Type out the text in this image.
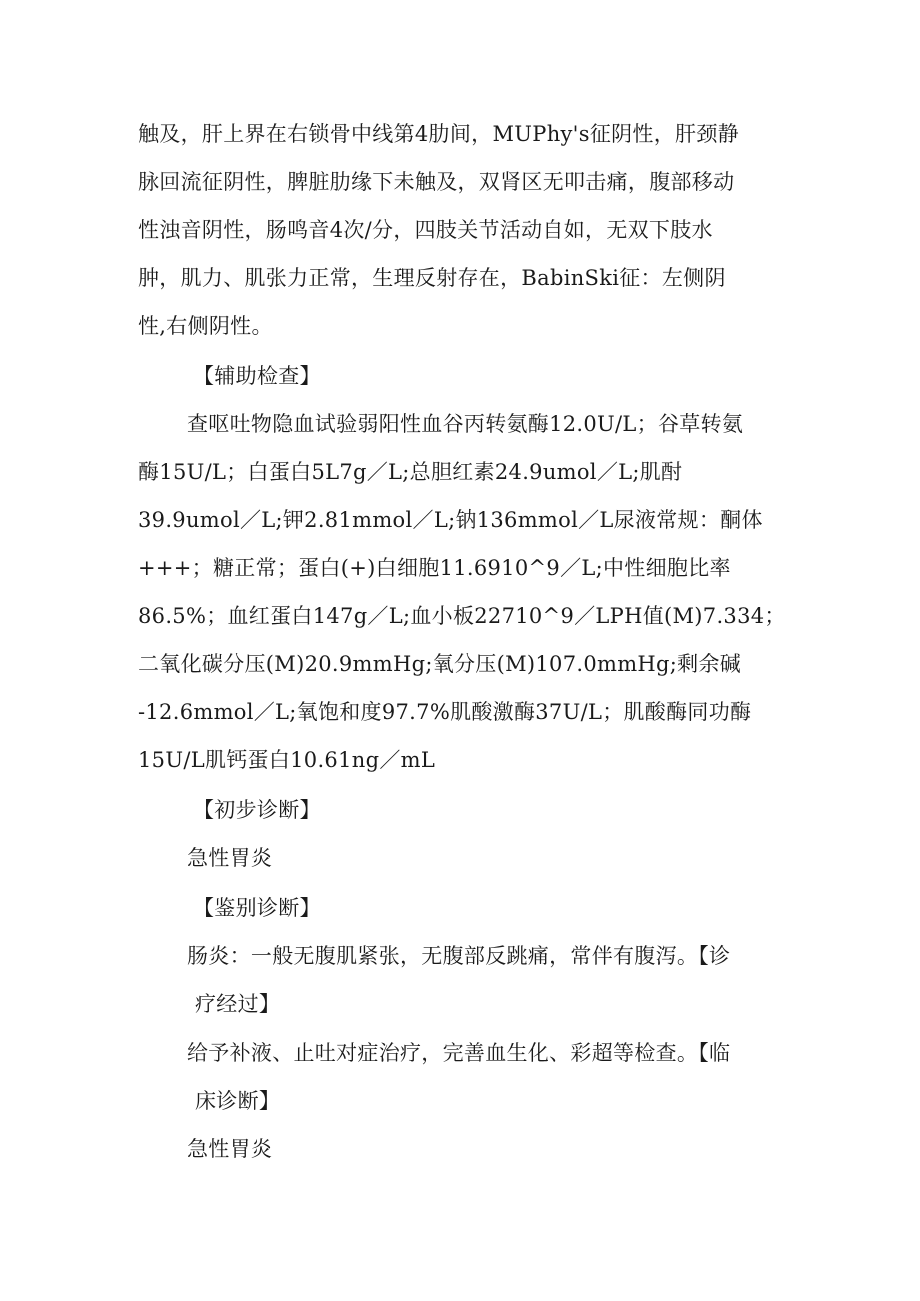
触及，肝上界在右锁骨中线第4肋间，MUPhy's征阴性，肝颈静
脉回流征阴性，脾脏肋缘下未触及，双肾区无叩击痛，腹部移动
性浊音阴性，肠鸣音4次/分，四肢关节活动自如，无双下肢水
肿，肌力、肌张力正常，生理反射存在，BabinSki征：左侧阴
性,右侧阴性。
【辅助检查】
查呕吐物隐血试验弱阳性血谷丙转氨酶12.0U/L；谷草转氨
酶15U/L；白蛋白5L7g／L;总胆红素24.9umol／L;肌酎
39.9umol／L;钾2.81mmol／L;钠136mmol／L尿液常规：酮体
+++；糖正常；蛋白(+)白细胞11.6910^9／L;中性细胞比率
86.5%；血红蛋白147g／L;血小板22710^9／LPH值(M)7.334；
二氧化碳分压(M)20.9mmHg;氧分压(M)107.0mmHg;剩余碱
-12.6mmol／L;氧饱和度97.7%肌酸激酶37U/L；肌酸酶同功酶
15U/L肌钙蛋白10.61ng／mL
【初步诊断】
急性胃炎
【鉴别诊断】
肠炎：一般无腹肌紧张，无腹部反跳痛，常伴有腹泻。【诊
疗经过】
给予补液、止吐对症治疗，完善血生化、彩超等检查。【临
床诊断】
急性胃炎
